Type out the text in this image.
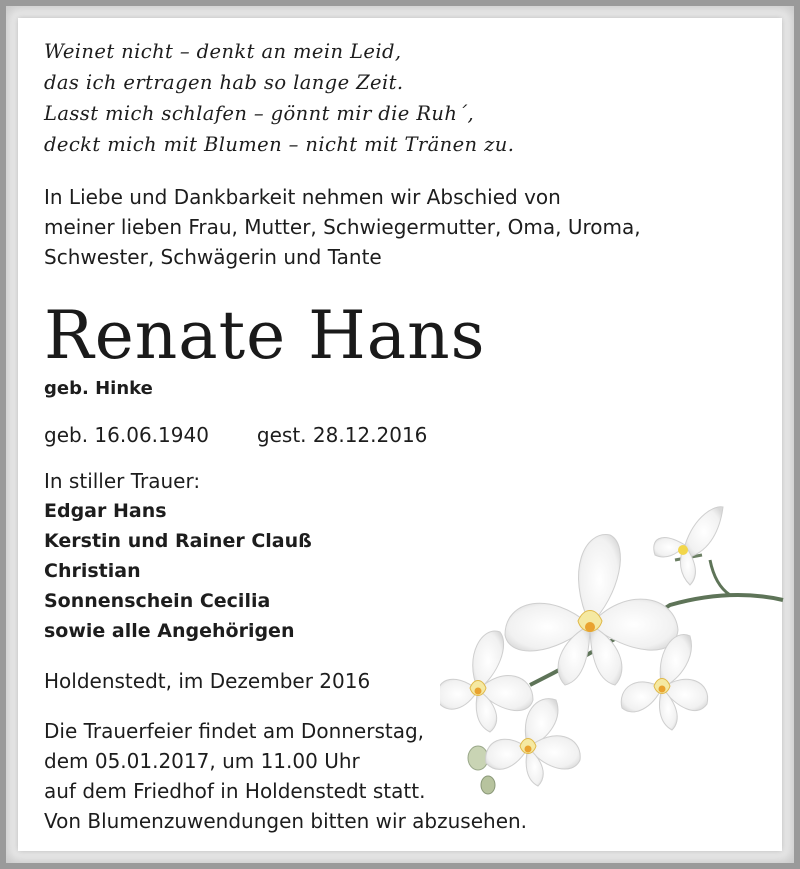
Weinet nicht – denkt an mein Leid,
das ich ertragen hab so lange Zeit.
Lasst mich schlafen – gönnt mir die Ruh´,
deckt mich mit Blumen – nicht mit Tränen zu.
In Liebe und Dankbarkeit nehmen wir Abschied von
meiner lieben Frau, Mutter, Schwiegermutter, Oma, Uroma,
Schwester, Schwägerin und Tante
Renate Hans
geb. Hinke
geb. 16.06.1940 gest. 28.12.2016
In stiller Trauer:
Edgar Hans
Kerstin und Rainer Clauß
Christian
Sonnenschein Cecilia
sowie alle Angehörigen
Holdenstedt, im Dezember 2016
Die Trauerfeier findet am Donnerstag,
dem 05.01.2017, um 11.00 Uhr
auf dem Friedhof in Holdenstedt statt.
Von Blumenzuwendungen bitten wir abzusehen.
